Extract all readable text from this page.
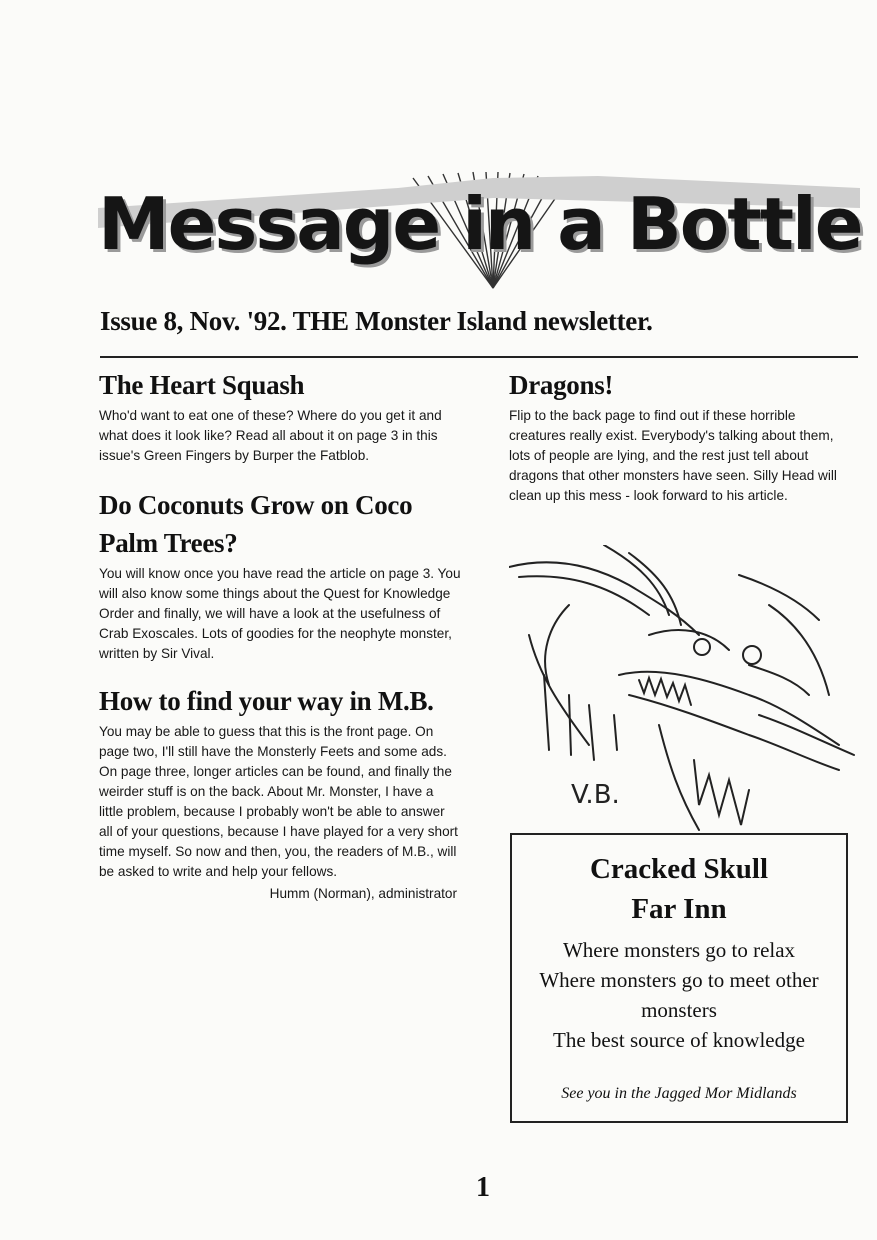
Message in a Bottle
Issue 8, Nov. '92. THE Monster Island newsletter.
The Heart Squash

Who'd want to eat one of these? Where do you get it and what does it look like? Read all about it on page 3 in this issue's Green Fingers by Burper the Fatblob.

Do Coconuts Grow on Coco Palm Trees?

You will know once you have read the article on page 3. You will also know some things about the Quest for Knowledge Order and finally, we will have a look at the usefulness of Crab Exoscales. Lots of goodies for the neophyte monster, written by Sir Vival.

How to find your way in M.B.

You may be able to guess that this is the front page. On page two, I'll still have the Monsterly Feets and some ads. On page three, longer articles can be found, and finally the weirder stuff is on the back. About Mr. Monster, I have a little problem, because I probably won't be able to answer all of your questions, because I have played for a very short time myself. So now and then, you, the readers of M.B., will be asked to write and help your fellows.

Humm (Norman), administrator

Dragons!

Flip to the back page to find out if these horrible creatures really exist. Everybody's talking about them, lots of people are lying, and the rest just tell about dragons that other monsters have seen. Silly Head will clean up this mess - look forward to his article.

V.B.
Cracked Skull
Far Inn
Where monsters go to relax
Where monsters go to meet other monsters
The best source of knowledge
See you in the Jagged Mor Midlands
1
